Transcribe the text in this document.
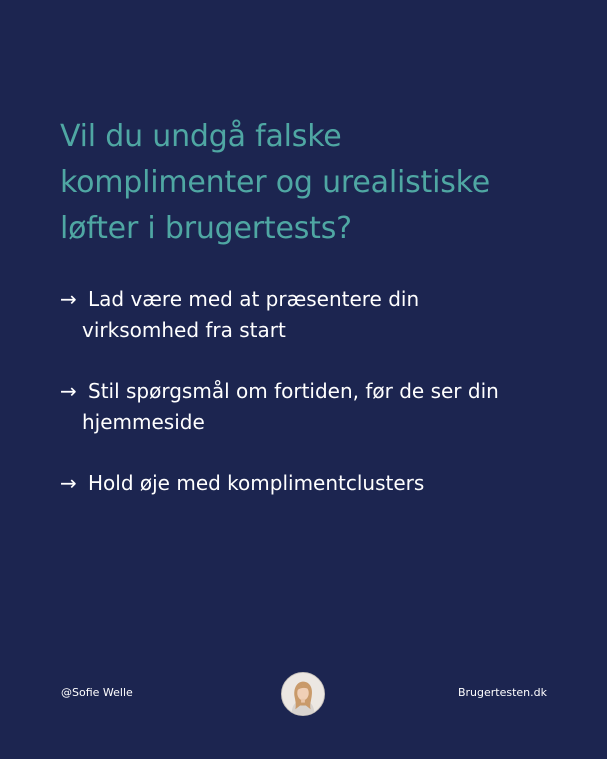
Vil du undgå falske
komplimenter og urealistiske
løfter i brugertests?
→ Lad være med at præsentere din
virksomhed fra start
→ Stil spørgsmål om fortiden, før de ser din
hjemmeside
→ Hold øje med komplimentclusters
@Sofie Welle	Brugertesten.dk
